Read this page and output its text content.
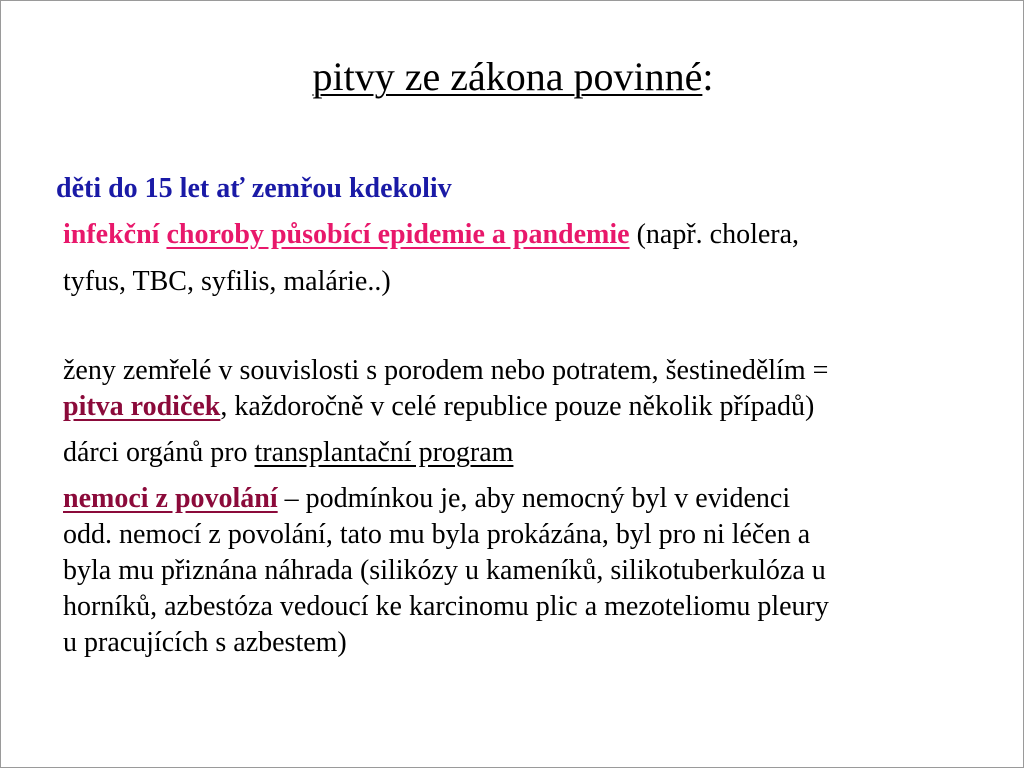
pitvy ze zákona povinné:
děti do 15 let ať zemřou kdekoliv
infekční choroby působící epidemie a pandemie (např. cholera,
tyfus, TBC, syfilis, malárie..)
ženy zemřelé v souvislosti s porodem nebo potratem, šestinedělím =
pitva rodiček, každoročně v celé republice pouze několik případů)
dárci orgánů pro transplantační program
nemoci z povolání – podmínkou je, aby nemocný byl v evidenci
odd. nemocí z povolání, tato mu byla prokázána, byl pro ni léčen a
byla mu přiznána náhrada (silikózy u kameníků, silikotuberkulóza u
horníků, azbestóza vedoucí ke karcinomu plic a mezoteliomu pleury
u pracujících s azbestem)
